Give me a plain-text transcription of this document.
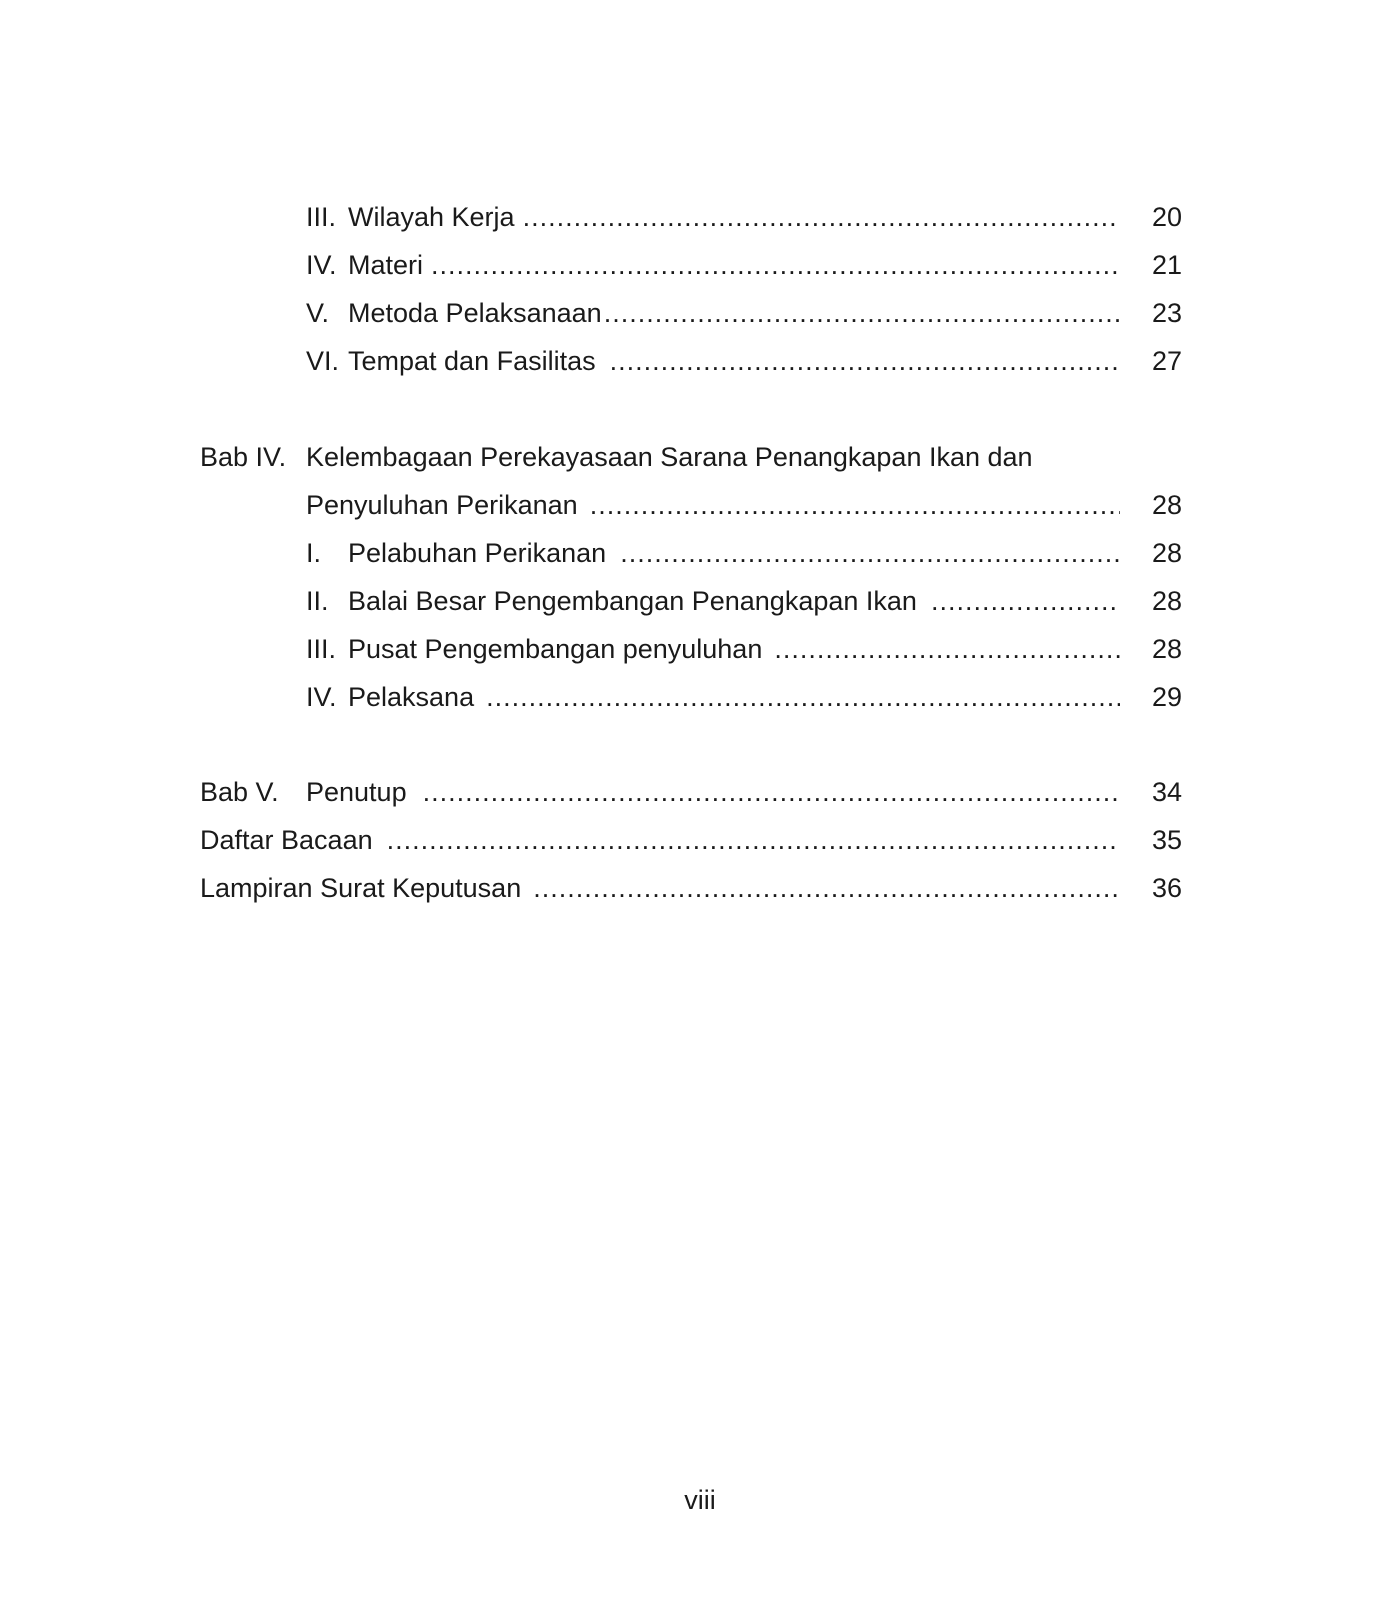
III. Wilayah Kerja .....	20
IV. Materi .....	21
V. Metoda Pelaksanaan .....	23
VI. Tempat dan Fasilitas .....	27
Bab IV. Kelembagaan Perekayasaan Sarana Penangkapan Ikan dan
Penyuluhan Perikanan .....	28
I. Pelabuhan Perikanan .....	28
II. Balai Besar Pengembangan Penangkapan Ikan .....	28
III. Pusat Pengembangan penyuluhan .....	28
IV. Pelaksana .....	29
Bab V. Penutup .....	34
Daftar Bacaan .....	35
Lampiran Surat Keputusan .....	36
viii
